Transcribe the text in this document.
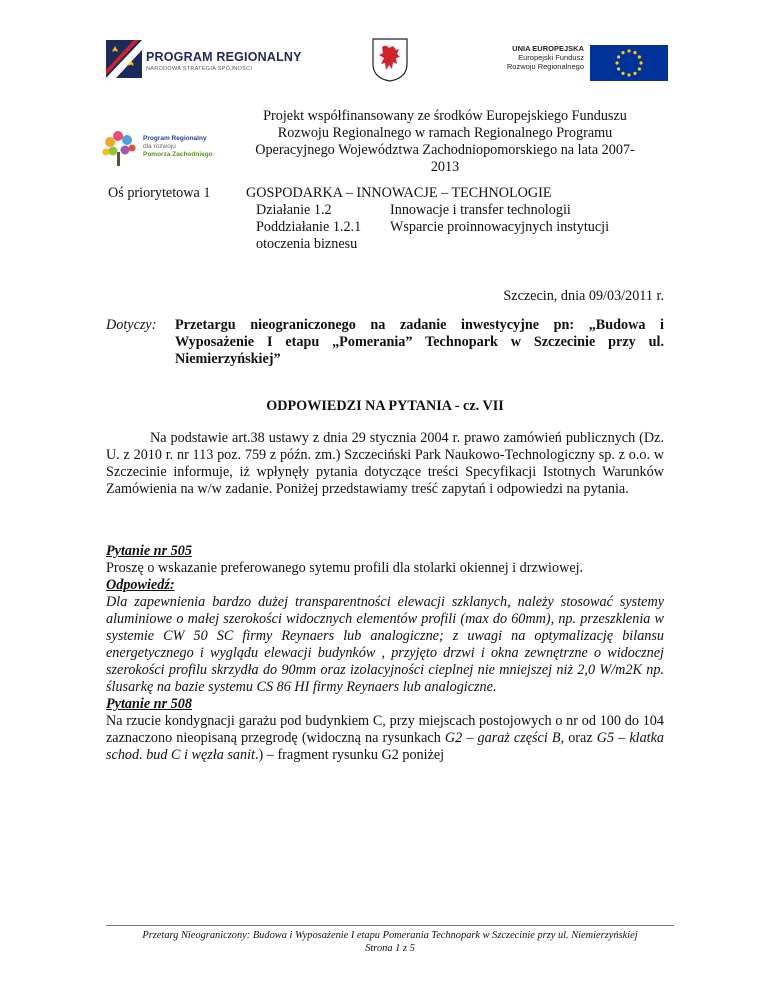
PROGRAM REGIONALNY
NARODOWA STRATEGIA SPÓJNOŚCI
UNIA EUROPEJSKA
Europejski Fundusz
Rozwoju Regionalnego
Program Regionalny
dla rozwoju
Pomorza Zachodniego
Projekt współfinansowany ze środków Europejskiego Funduszu
Rozwoju Regionalnego w ramach Regionalnego Programu
Operacyjnego Województwa Zachodniopomorskiego na lata 2007-
2013
Oś priorytetowa 1	GOSPODARKA – INNOWACJE – TECHNOLOGIE
Działanie 1.2	Innowacje i transfer technologii
Poddziałanie 1.2.1	Wsparcie proinnowacyjnych instytucji
otoczenia biznesu
Szczecin, dnia 09/03/2011 r.
Dotyczy: Przetargu nieograniczonego na zadanie inwestycyjne pn: „Budowa i Wyposażenie I etapu „Pomerania” Technopark w Szczecinie przy ul. Niemierzyńskiej”
ODPOWIEDZI NA PYTANIA - cz. VII
Na podstawie art.38 ustawy z dnia 29 stycznia 2004 r. prawo zamówień publicznych (Dz. U. z 2010 r. nr 113 poz. 759 z późn. zm.) Szczeciński Park Naukowo-Technologiczny sp. z o.o. w Szczecinie informuje, iż wpłynęły pytania dotyczące treści Specyfikacji Istotnych Warunków Zamówienia na w/w zadanie. Poniżej przedstawiamy treść zapytań i odpowiedzi na pytania.

Pytanie nr 505

Proszę o wskazanie preferowanego sytemu profili dla stolarki okiennej i drzwiowej.

Odpowiedź:

Dla zapewnienia bardzo dużej transparentności elewacji szklanych, należy stosować systemy aluminiowe o małej szerokości widocznych elementów profili (max do 60mm), np. przeszklenia w systemie CW 50 SC firmy Reynaers lub analogiczne; z uwagi na optymalizację bilansu energetycznego i wyglądu elewacji budynków , przyjęto drzwi i okna zewnętrzne o widocznej szerokości profilu skrzydła do 90mm oraz izolacyjności cieplnej nie mniejszej niż 2,0 W/m2K np. ślusarkę na bazie systemu CS 86 HI firmy Reynaers lub analogiczne.

Pytanie nr 508

Na rzucie kondygnacji garażu pod budynkiem C, przy miejscach postojowych o nr od 100 do 104 zaznaczono nieopisaną przegrodę (widoczną na rysunkach G2 – garaż części B, oraz G5 – klatka schod. bud C i węzła sanit.) – fragment rysunku G2 poniżej

Przetarg Nieograniczony: Budowa i Wyposażenie I etapu Pomerania Technopark w Szczecinie przy ul. Niemierzyńskiej
Strona 1 z 5
